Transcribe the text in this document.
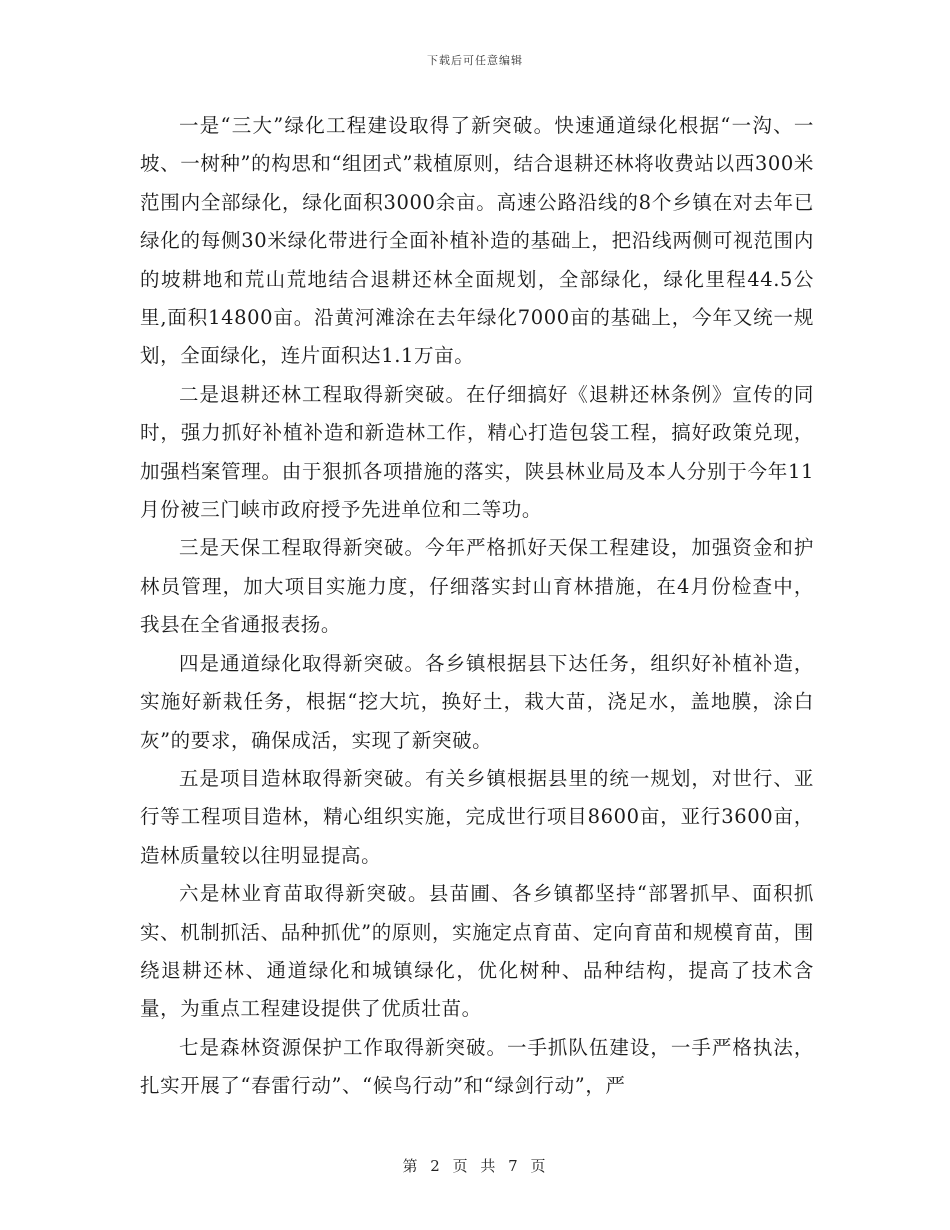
下载后可任意编辑

一是“三大”绿化工程建设取得了新突破。快速通道绿化根据“一沟、一坡、一树种”的构思和“组团式”栽植原则，结合退耕还林将收费站以西300米范围内全部绿化，绿化面积3000余亩。高速公路沿线的8个乡镇在对去年已绿化的每侧30米绿化带进行全面补植补造的基础上，把沿线两侧可视范围内的坡耕地和荒山荒地结合退耕还林全面规划，全部绿化，绿化里程44.5公里,面积14800亩。沿黄河滩涂在去年绿化7000亩的基础上，今年又统一规划，全面绿化，连片面积达1.1万亩。

二是退耕还林工程取得新突破。在仔细搞好《退耕还林条例》宣传的同时，强力抓好补植补造和新造林工作，精心打造包袋工程，搞好政策兑现，加强档案管理。由于狠抓各项措施的落实，陕县林业局及本人分别于今年11月份被三门峡市政府授予先进单位和二等功。

三是天保工程取得新突破。今年严格抓好天保工程建设，加强资金和护林员管理，加大项目实施力度，仔细落实封山育林措施，在4月份检查中，我县在全省通报表扬。

四是通道绿化取得新突破。各乡镇根据县下达任务，组织好补植补造，实施好新栽任务，根据“挖大坑，换好土，栽大苗，浇足水，盖地膜，涂白灰”的要求，确保成活，实现了新突破。

五是项目造林取得新突破。有关乡镇根据县里的统一规划，对世行、亚行等工程项目造林，精心组织实施，完成世行项目8600亩，亚行3600亩，造林质量较以往明显提高。

六是林业育苗取得新突破。县苗圃、各乡镇都坚持“部署抓早、面积抓实、机制抓活、品种抓优”的原则，实施定点育苗、定向育苗和规模育苗，围绕退耕还林、通道绿化和城镇绿化，优化树种、品种结构，提高了技术含量，为重点工程建设提供了优质壮苗。

七是森林资源保护工作取得新突破。一手抓队伍建设，一手严格执法，扎实开展了“春雷行动”、“候鸟行动”和“绿剑行动”，严

第 2 页 共 7 页
